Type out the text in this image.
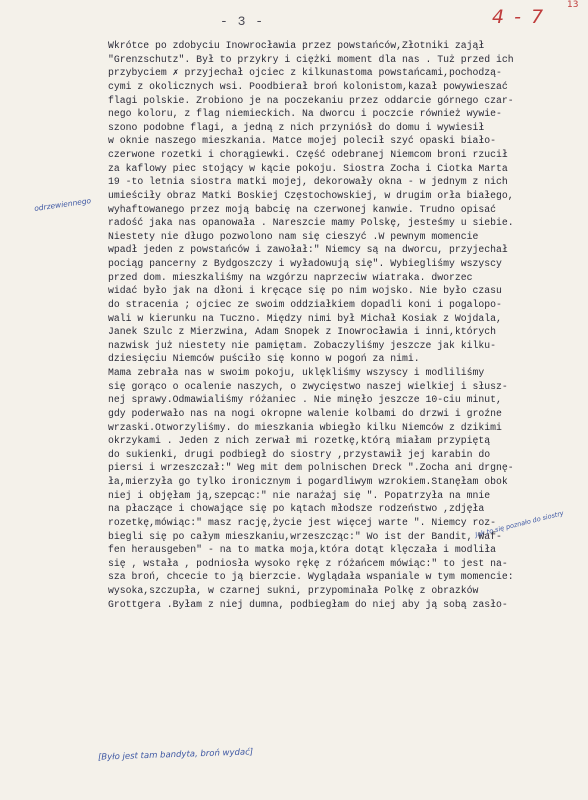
- 3 -	4 - 7
13
odrzewiennego
Jak to się poznało do siostry
Wkrótce po zdobyciu Inowrocławia przez powstańców,Złotniki zajął
"Grenzschutz". Był to przykry i ciężki moment dla nas . Tuż przed ich
przybyciem ✗ przyjechał ojciec z kilkunastoma powstańcami,pochodzą-
cymi z okolicznych wsi. Poodbierał broń kolonistom,kazał powywieszać
flagi polskie. Zrobiono je na poczekaniu przez oddarcie górnego czar-
nego koloru, z flag niemieckich. Na dworcu i poczcie również wywie-
szono podobne flagi, a jedną z nich przyniósł do domu i wywiesił
w oknie naszego mieszkania. Matce mojej polecił szyć opaski biało-
czerwone rozetki i chorągiewki. Część odebranej Niemcom broni rzucił
za kaflowy piec stojący w kącie pokoju. Siostra Zocha i Ciotka Marta
19 -to letnia siostra matki mojej, dekorowały okna - w jednym z nich
umieściły obraz Matki Boskiej Częstochowskiej, w drugim orła białego,
wyhaftowanego przez moją babcię na czerwonej kanwie. Trudno opisać
radość jaka nas opanowała . Nareszcie mamy Polskę, jesteśmy u siebie.
Niestety nie długo pozwolono nam się cieszyć .W pewnym momencie
wpadł jeden z powstańców i zawołał:" Niemcy są na dworcu, przyjechał
pociąg pancerny z Bydgoszczy i wyładowują się". Wybiegliśmy wszyscy
przed dom. mieszkaliśmy na wzgórzu naprzeciw wiatraka. dworzec
widać było jak na dłoni i kręcące się po nim wojsko. Nie było czasu
do stracenia ; ojciec ze swoim oddziałkiem dopadli koni i pogalopo-
wali w kierunku na Tuczno. Między nimi był Michał Kosiak z Wojdala,
Janek Szulc z Mierzwina, Adam Snopek z Inowrocławia i inni,których
nazwisk już niestety nie pamiętam. Zobaczyliśmy jeszcze jak kilku-
dziesięciu Niemców puściło się konno w pogoń za nimi.
Mama zebrała nas w swoim pokoju, uklękliśmy wszyscy i modliliśmy
się gorąco o ocalenie naszych, o zwycięstwo naszej wielkiej i słusz-
nej sprawy.Odmawialiśmy różaniec . Nie minęło jeszcze 10-ciu minut,
gdy poderwało nas na nogi okropne walenie kolbami do drzwi i groźne
wrzaski.Otworzyliśmy. do mieszkania wbiegło kilku Niemców z dzikimi
okrzykami . Jeden z nich zerwał mi rozetkę,którą miałam przypiętą
do sukienki, drugi podbiegł do siostry ,przystawił jej karabin do
piersi i wrzeszczał:" Weg mit dem polnischen Dreck ".Zocha ani drgnę-
ła,mierzyła go tylko ironicznym i pogardliwym wzrokiem.Stanęłam obok
niej i objęłam ją,szepcąc:" nie narażaj się ". Popatrzyła na mnie
na płaczące i chowające się po kątach młodsze rodzeństwo ,zdjęła
rozetkę,mówiąc:" masz rację,życie jest więcej warte ". Niemcy roz-
biegli się po całym mieszkaniu,wrzeszcząc:" Wo ist der Bandit, Waf-
fen herausgeben" - na to matka moja,która dotąt klęczała i modliła
się , wstała , podniosła wysoko rękę z różańcem mówiąc:" to jest na-
sza broń, chcecie to ją bierzcie. Wyglądała wspaniale w tym momencie:
wysoka,szczupła, w czarnej sukni, przypominała Polkę z obrazków
Grottgera .Byłam z niej dumna, podbiegłam do niej aby ją sobą zasło-
[Było jest tam bandyta, broń wydać]
